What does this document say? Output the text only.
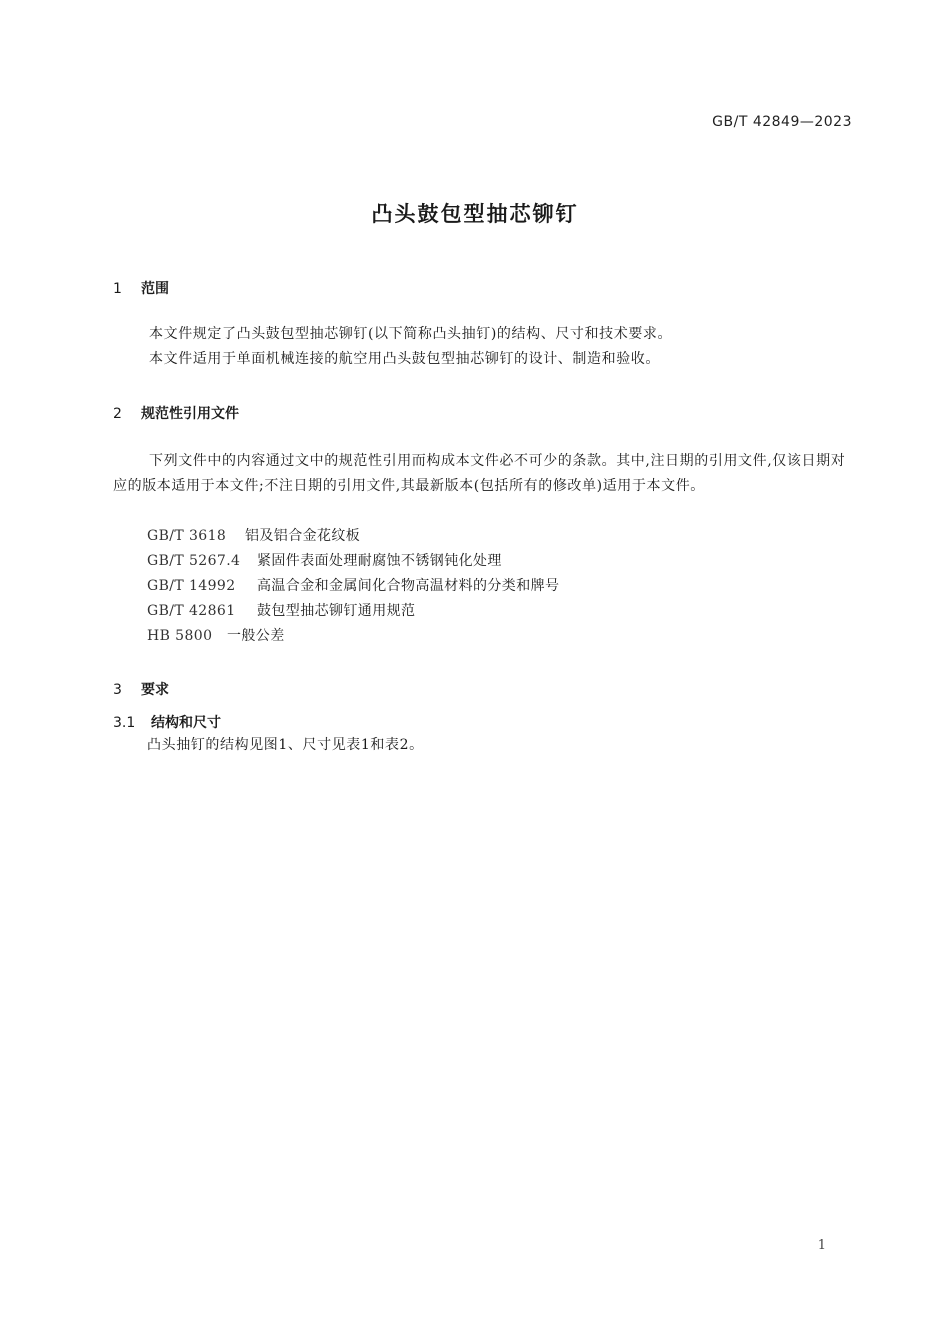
GB/T 42849—2023
凸头鼓包型抽芯铆钉
1 范围

本文件规定了凸头鼓包型抽芯铆钉(以下简称凸头抽钉)的结构、尺寸和技术要求。

本文件适用于单面机械连接的航空用凸头鼓包型抽芯铆钉的设计、制造和验收。

2 规范性引用文件

下列文件中的内容通过文中的规范性引用而构成本文件必不可少的条款。其中,注日期的引用文件,仅该日期对应的版本适用于本文件;不注日期的引用文件,其最新版本(包括所有的修改单)适用于本文件。

GB/T 3618 铝及铝合金花纹板
GB/T 5267.4 紧固件表面处理耐腐蚀不锈钢钝化处理
GB/T 14992 高温合金和金属间化合物高温材料的分类和牌号
GB/T 42861 鼓包型抽芯铆钉通用规范
HB 5800 一般公差
3 要求
3.1 结构和尺寸

凸头抽钉的结构见图1、尺寸见表1和表2。

1
